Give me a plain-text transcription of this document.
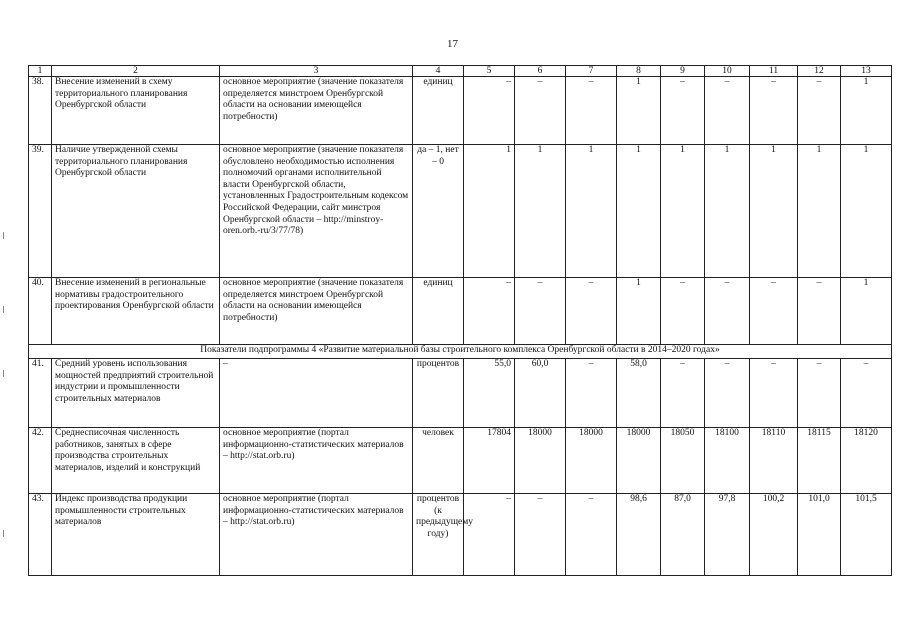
17
1	2	3	4	5	6	7	8	9	10	11	12	13
38.	Внесение изменений в схему территориального планирования Оренбургской области	основное мероприятие (значение показателя определяется минстроем Оренбургской области на основании имеющейся потребности)	единиц	–	–	–	1	–	–	–	–	1
39.	Наличие утвержденной схемы территориального планирования Оренбургской области	основное мероприятие (значение показателя обусловлено необходимостью исполнения полномочий органами исполнительной власти Оренбургской области, установленных Градостроительным кодексом Российской Федерации, сайт минстроя Оренбургской области – http://minstroy-oren.orb.-ru/3/77/78)	да – 1, нет – 0	1	1	1	1	1	1	1	1	1
40.	Внесение изменений в региональные нормативы градостроительного проектирования Оренбургской области	основное мероприятие (значение показателя определяется минстроем Оренбургской области на основании имеющейся потребности)	единиц	–	–	–	1	–	–	–	–	1
Показатели подпрограммы 4 «Развитие материальной базы строительного комплекса Оренбургской области в 2014–2020 годах»												
41.	Средний уровень использования мощностей предприятий строительной индустрии и промышленности строительных материалов	–	процентов	55,0	60,0	–	58,0	–	–	–	–	–
42.	Среднесписочная численность работников, занятых в сфере производства строительных материалов, изделий и конструкций	основное мероприятие (портал информационно-статистических материалов – http://stat.orb.ru)	человек	17804	18000	18000	18000	18050	18100	18110	18115	18120
43.	Индекс производства продукции промышленности строительных материалов	основное мероприятие (портал информационно-статистических материалов – http://stat.orb.ru)	процентов (к предыдущему году)	–	–	–	98,6	87,0	97,8	100,2	101,0	101,5
